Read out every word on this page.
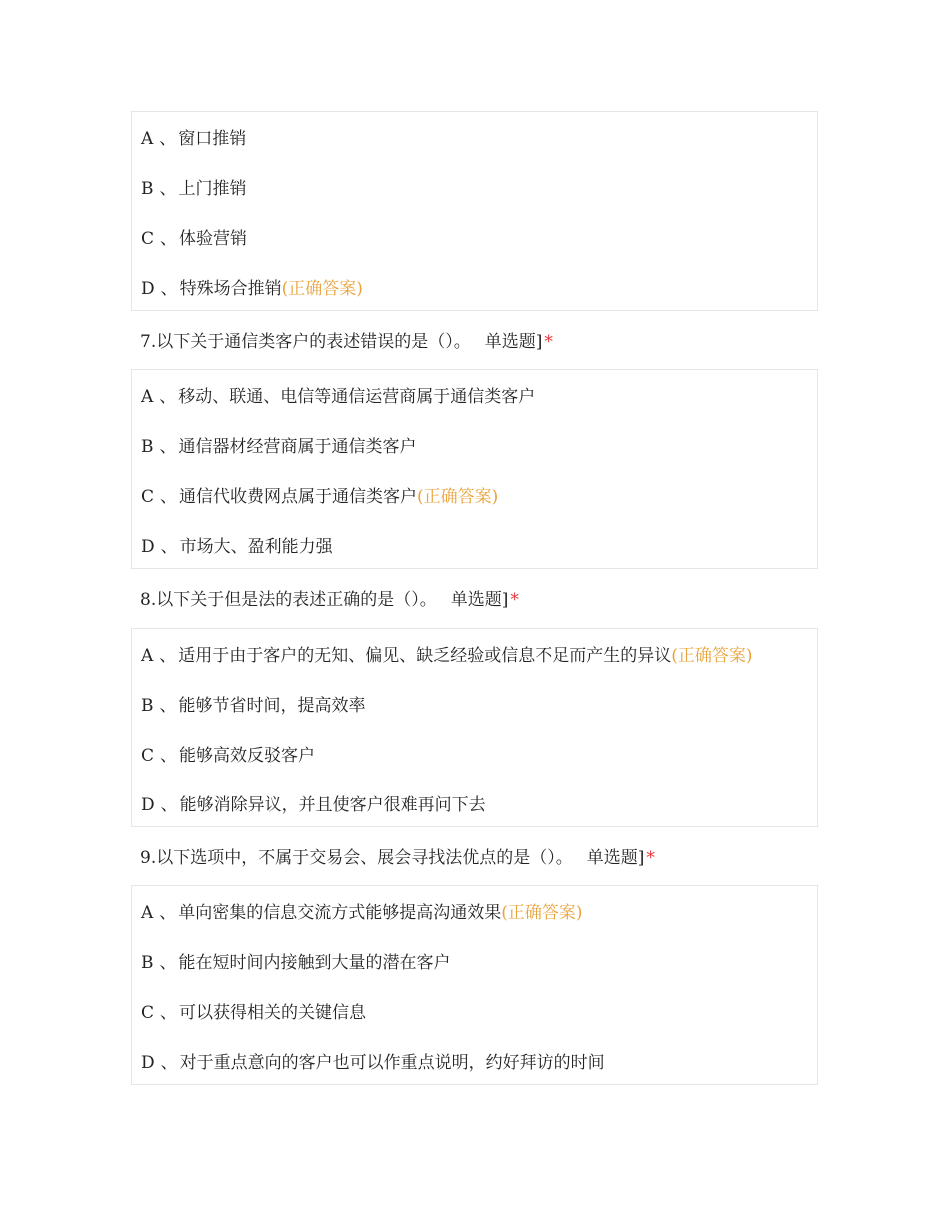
A 、 窗口推销
B 、 上门推销
C 、 体验营销
D 、 特殊场合推销(正确答案)
7.以下关于通信类客户的表述错误的是（）。 单选题] *
A 、 移动、联通、电信等通信运营商属于通信类客户
B 、 通信器材经营商属于通信类客户
C 、 通信代收费网点属于通信类客户(正确答案)
D 、 市场大、盈利能力强
8.以下关于但是法的表述正确的是（）。 单选题] *
A 、 适用于由于客户的无知、偏见、缺乏经验或信息不足而产生的异议(正确答案)
B 、 能够节省时间，提高效率
C 、 能够高效反驳客户
D 、 能够消除异议，并且使客户很难再问下去
9.以下选项中，不属于交易会、展会寻找法优点的是（）。 单选题] *
A 、 单向密集的信息交流方式能够提高沟通效果(正确答案)
B 、 能在短时间内接触到大量的潜在客户
C 、 可以获得相关的关键信息
D 、 对于重点意向的客户也可以作重点说明，约好拜访的时间
